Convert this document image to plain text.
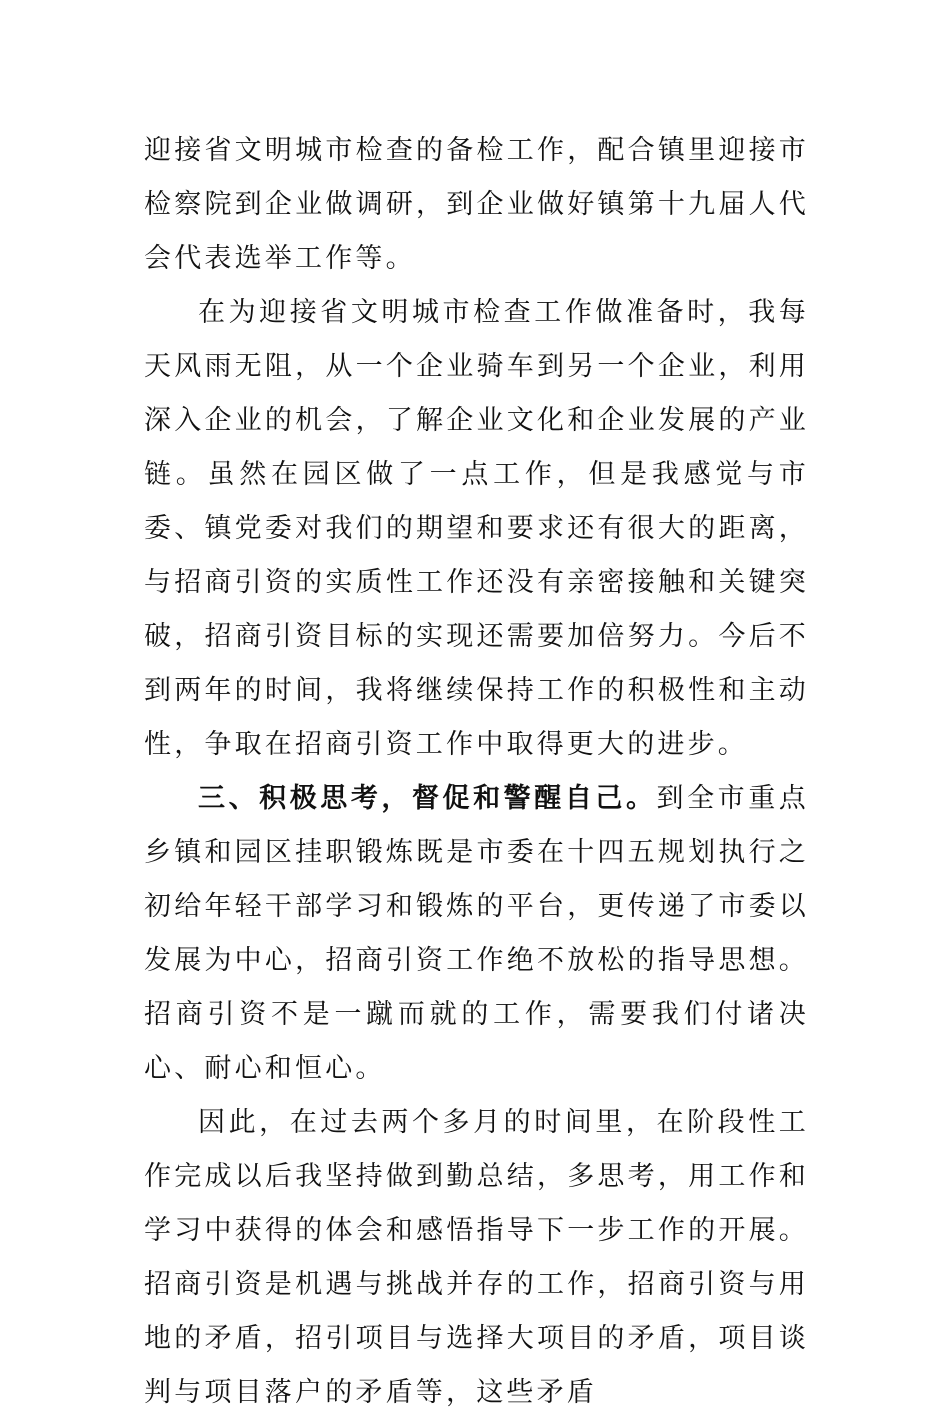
迎接省文明城市检查的备检工作，配合镇里迎接市检察院到企业做调研，到企业做好镇第十九届人代会代表选举工作等。

在为迎接省文明城市检查工作做准备时，我每天风雨无阻，从一个企业骑车到另一个企业，利用深入企业的机会，了解企业文化和企业发展的产业链。虽然在园区做了一点工作，但是我感觉与市委、镇党委对我们的期望和要求还有很大的距离，与招商引资的实质性工作还没有亲密接触和关键突破，招商引资目标的实现还需要加倍努力。今后不到两年的时间，我将继续保持工作的积极性和主动性，争取在招商引资工作中取得更大的进步。

三、积极思考，督促和警醒自己。到全市重点乡镇和园区挂职锻炼既是市委在十四五规划执行之初给年轻干部学习和锻炼的平台，更传递了市委以发展为中心，招商引资工作绝不放松的指导思想。招商引资不是一蹴而就的工作，需要我们付诸决心、耐心和恒心。

因此，在过去两个多月的时间里，在阶段性工作完成以后我坚持做到勤总结，多思考，用工作和学习中获得的体会和感悟指导下一步工作的开展。招商引资是机遇与挑战并存的工作，招商引资与用地的矛盾，招引项目与选择大项目的矛盾，项目谈判与项目落户的矛盾等，这些矛盾
